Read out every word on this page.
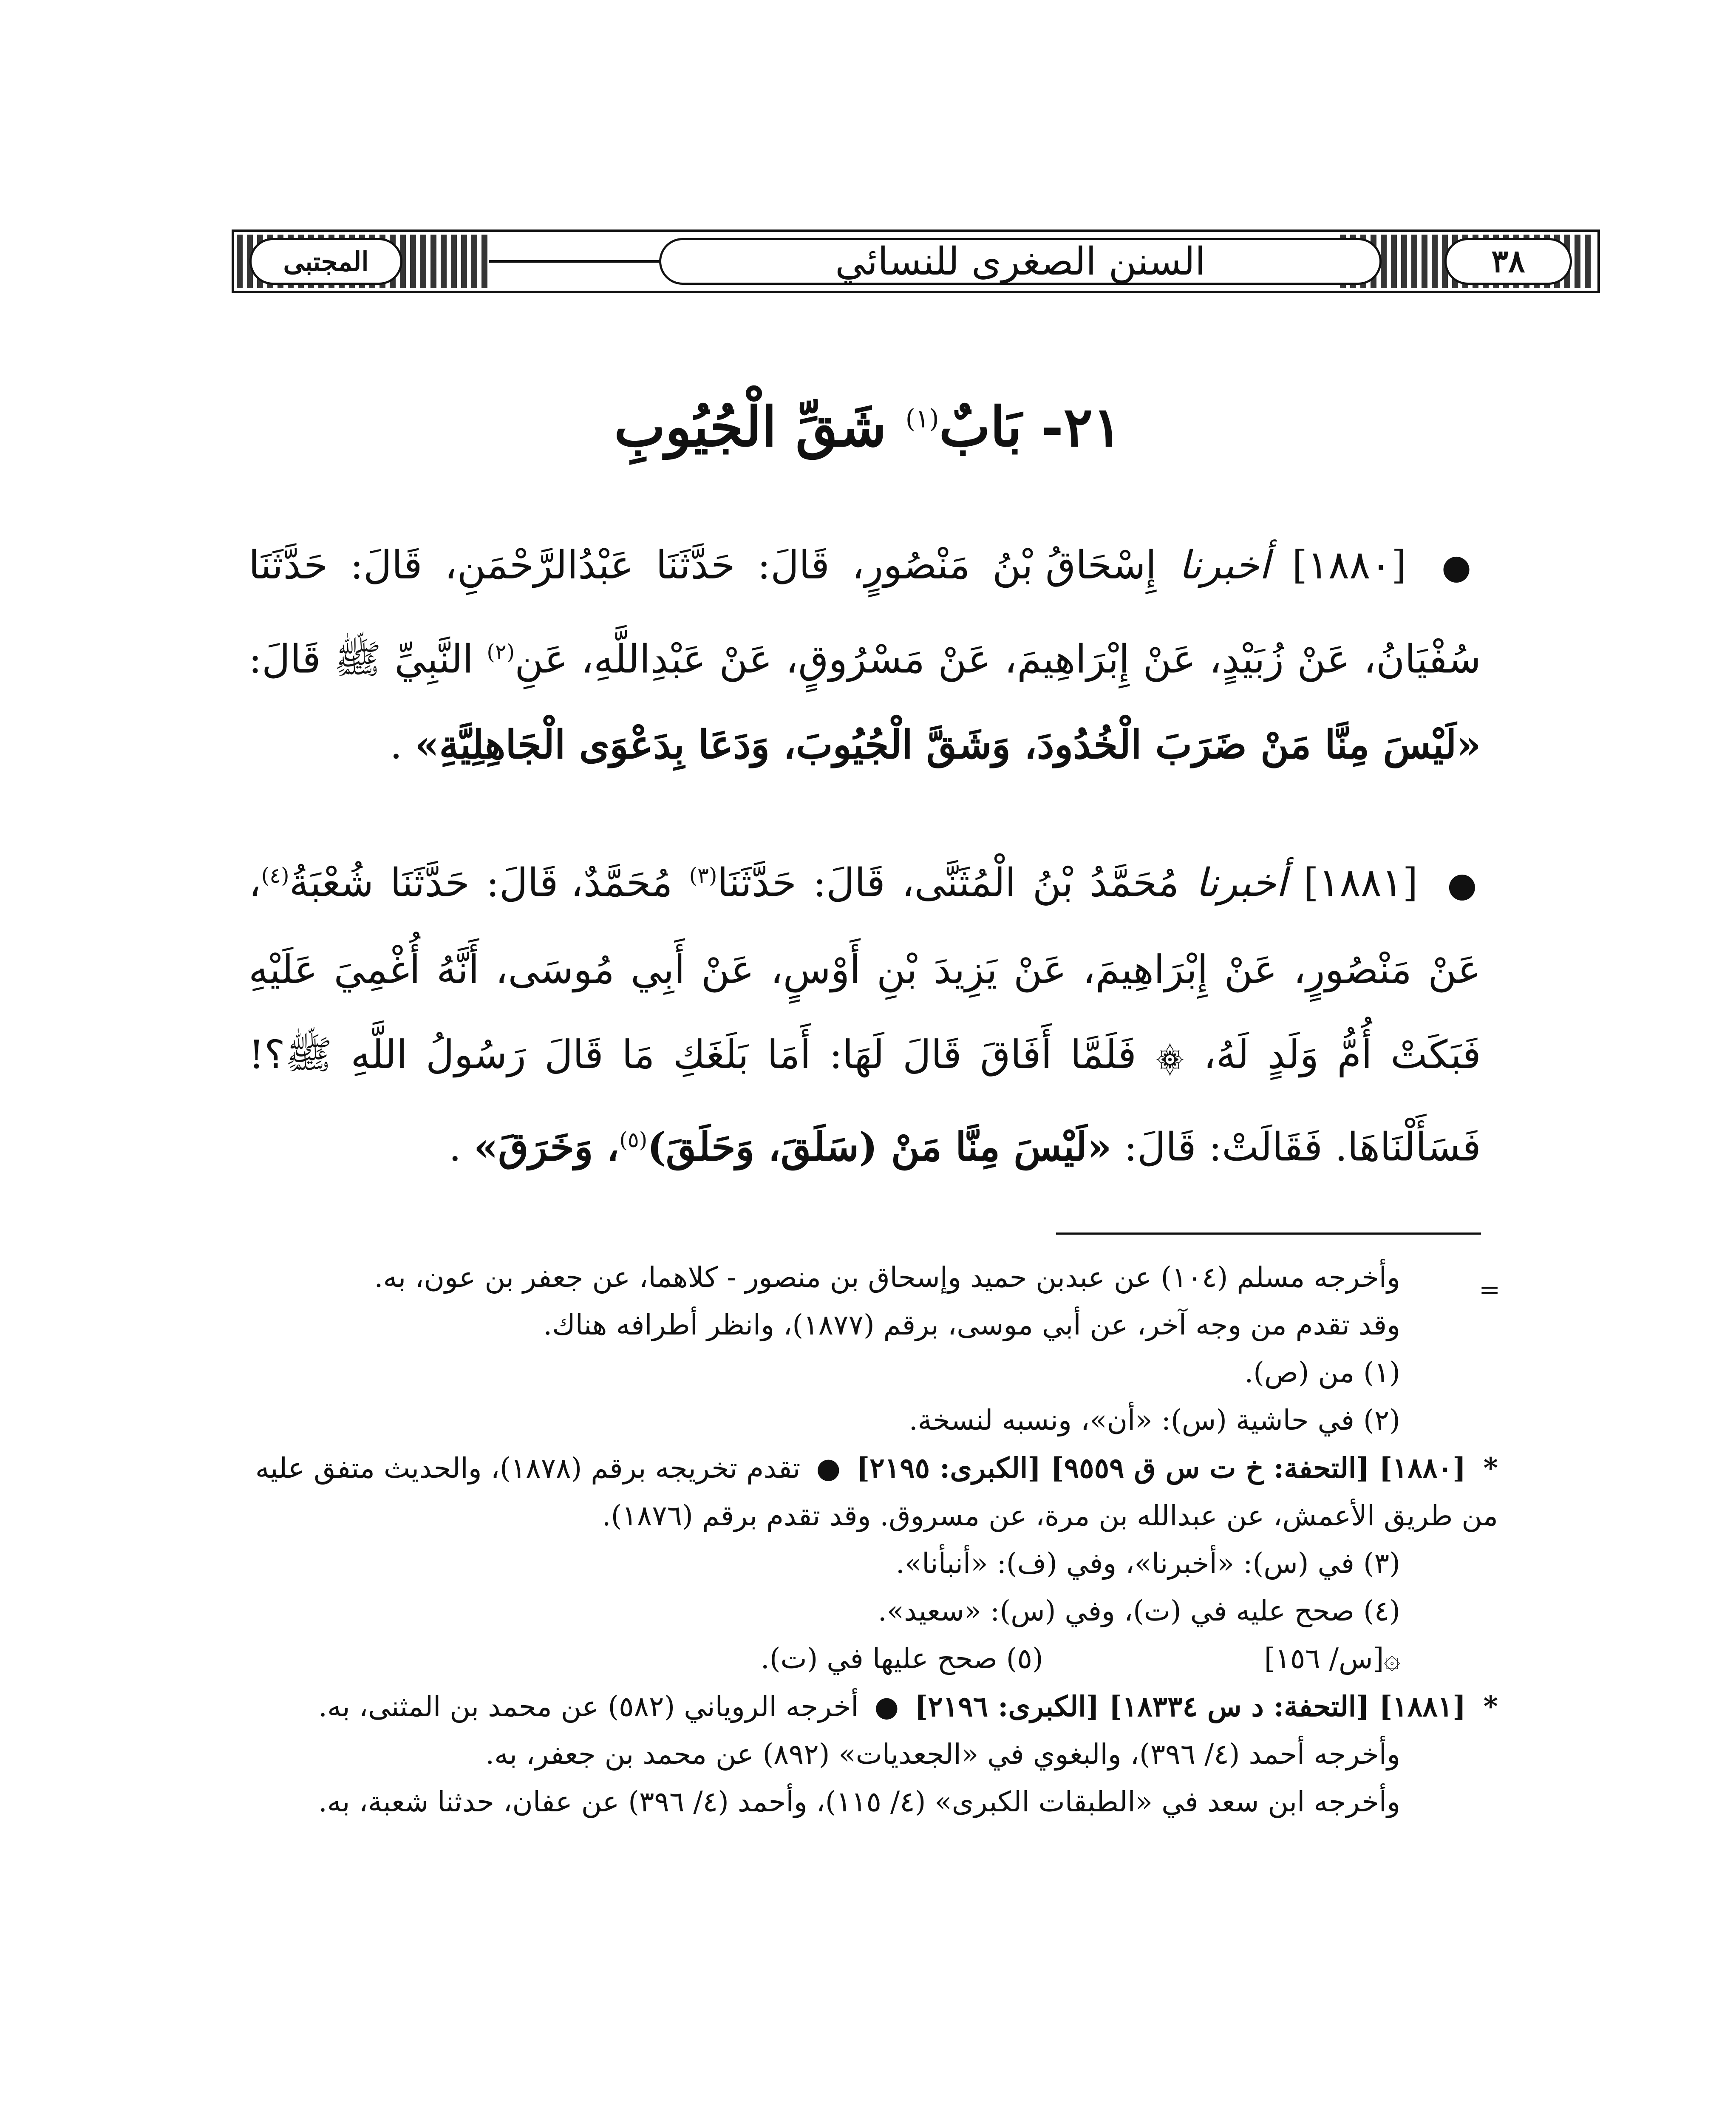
المجتبى	السنن الصغرى للنسائي	٣٨
٢١- بَابٌ$^{(١)}$ شَقِّ الْجُيُوبِ
● [١٨٨٠] أخبرنا إِسْحَاقُ بْنُ مَنْصُورٍ، قَالَ: حَدَّثَنَا عَبْدُالرَّحْمَنِ، قَالَ: حَدَّثَنَا سُفْيَانُ، عَنْ زُبَيْدٍ، عَنْ إِبْرَاهِيمَ، عَنْ مَسْرُوقٍ، عَنْ عَبْدِاللَّهِ، عَنِ$^{(٢)}$ النَّبِيِّ ﷺ قَالَ: «لَيْسَ مِنَّا مَنْ ضَرَبَ الْخُدُودَ، وَشَقَّ الْجُيُوبَ، وَدَعَا بِدَعْوَى الْجَاهِلِيَّةِ» .
● [١٨٨١] أخبرنا مُحَمَّدُ بْنُ الْمُثَنَّى، قَالَ: حَدَّثَنَا$^{(٣)}$ مُحَمَّدٌ، قَالَ: حَدَّثَنَا شُعْبَةُ$^{(٤)}$، عَنْ مَنْصُورٍ، عَنْ إِبْرَاهِيمَ، عَنْ يَزِيدَ بْنِ أَوْسٍ، عَنْ أَبِي مُوسَى، أَنَّهُ أُغْمِيَ عَلَيْهِ فَبَكَتْ أُمُّ وَلَدٍ لَهُ، ۞ فَلَمَّا أَفَاقَ قَالَ لَهَا: أَمَا بَلَغَكِ مَا قَالَ رَسُولُ اللَّهِ ﷺ؟! فَسَأَلْنَاهَا. فَقَالَتْ: قَالَ: «لَيْسَ مِنَّا مَنْ (سَلَقَ، وَحَلَقَ)$^{(٥)}$، وَخَرَقَ» .
=

وأخرجه مسلم (١٠٤) عن عبدبن حميد وإسحاق بن منصور - كلاهما، عن جعفر بن عون، به.

وقد تقدم من وجه آخر، عن أبي موسى، برقم (١٨٧٧)، وانظر أطرافه هناك.

(١) من (ص).

(٢) في حاشية (س): «أن»، ونسبه لنسخة.

* [١٨٨٠] [التحفة: خ ت س ق ٩٥٥٩] [الكبرى: ٢١٩٥] ● تقدم تخريجه برقم (١٨٧٨)، والحديث متفق عليه من طريق الأعمش، عن عبدالله بن مرة، عن مسروق. وقد تقدم برقم (١٨٧٦).

(٣) في (س): «أخبرنا»، وفي (ف): «أنبأنا».

(٤) صحح عليه في (ت)، وفي (س): «سعيد».

۞[س/ ١٥٦]
(٥) صحح عليها في (ت).

* [١٨٨١] [التحفة: د س ١٨٣٣٤] [الكبرى: ٢١٩٦] ● أخرجه الروياني (٥٨٢) عن محمد بن المثنى، به.

وأخرجه أحمد (٤/ ٣٩٦)، والبغوي في «الجعديات» (٨٩٢) عن محمد بن جعفر، به.

وأخرجه ابن سعد في «الطبقات الكبرى» (٤/ ١١٥)، وأحمد (٤/ ٣٩٦) عن عفان، حدثنا شعبة، به.
